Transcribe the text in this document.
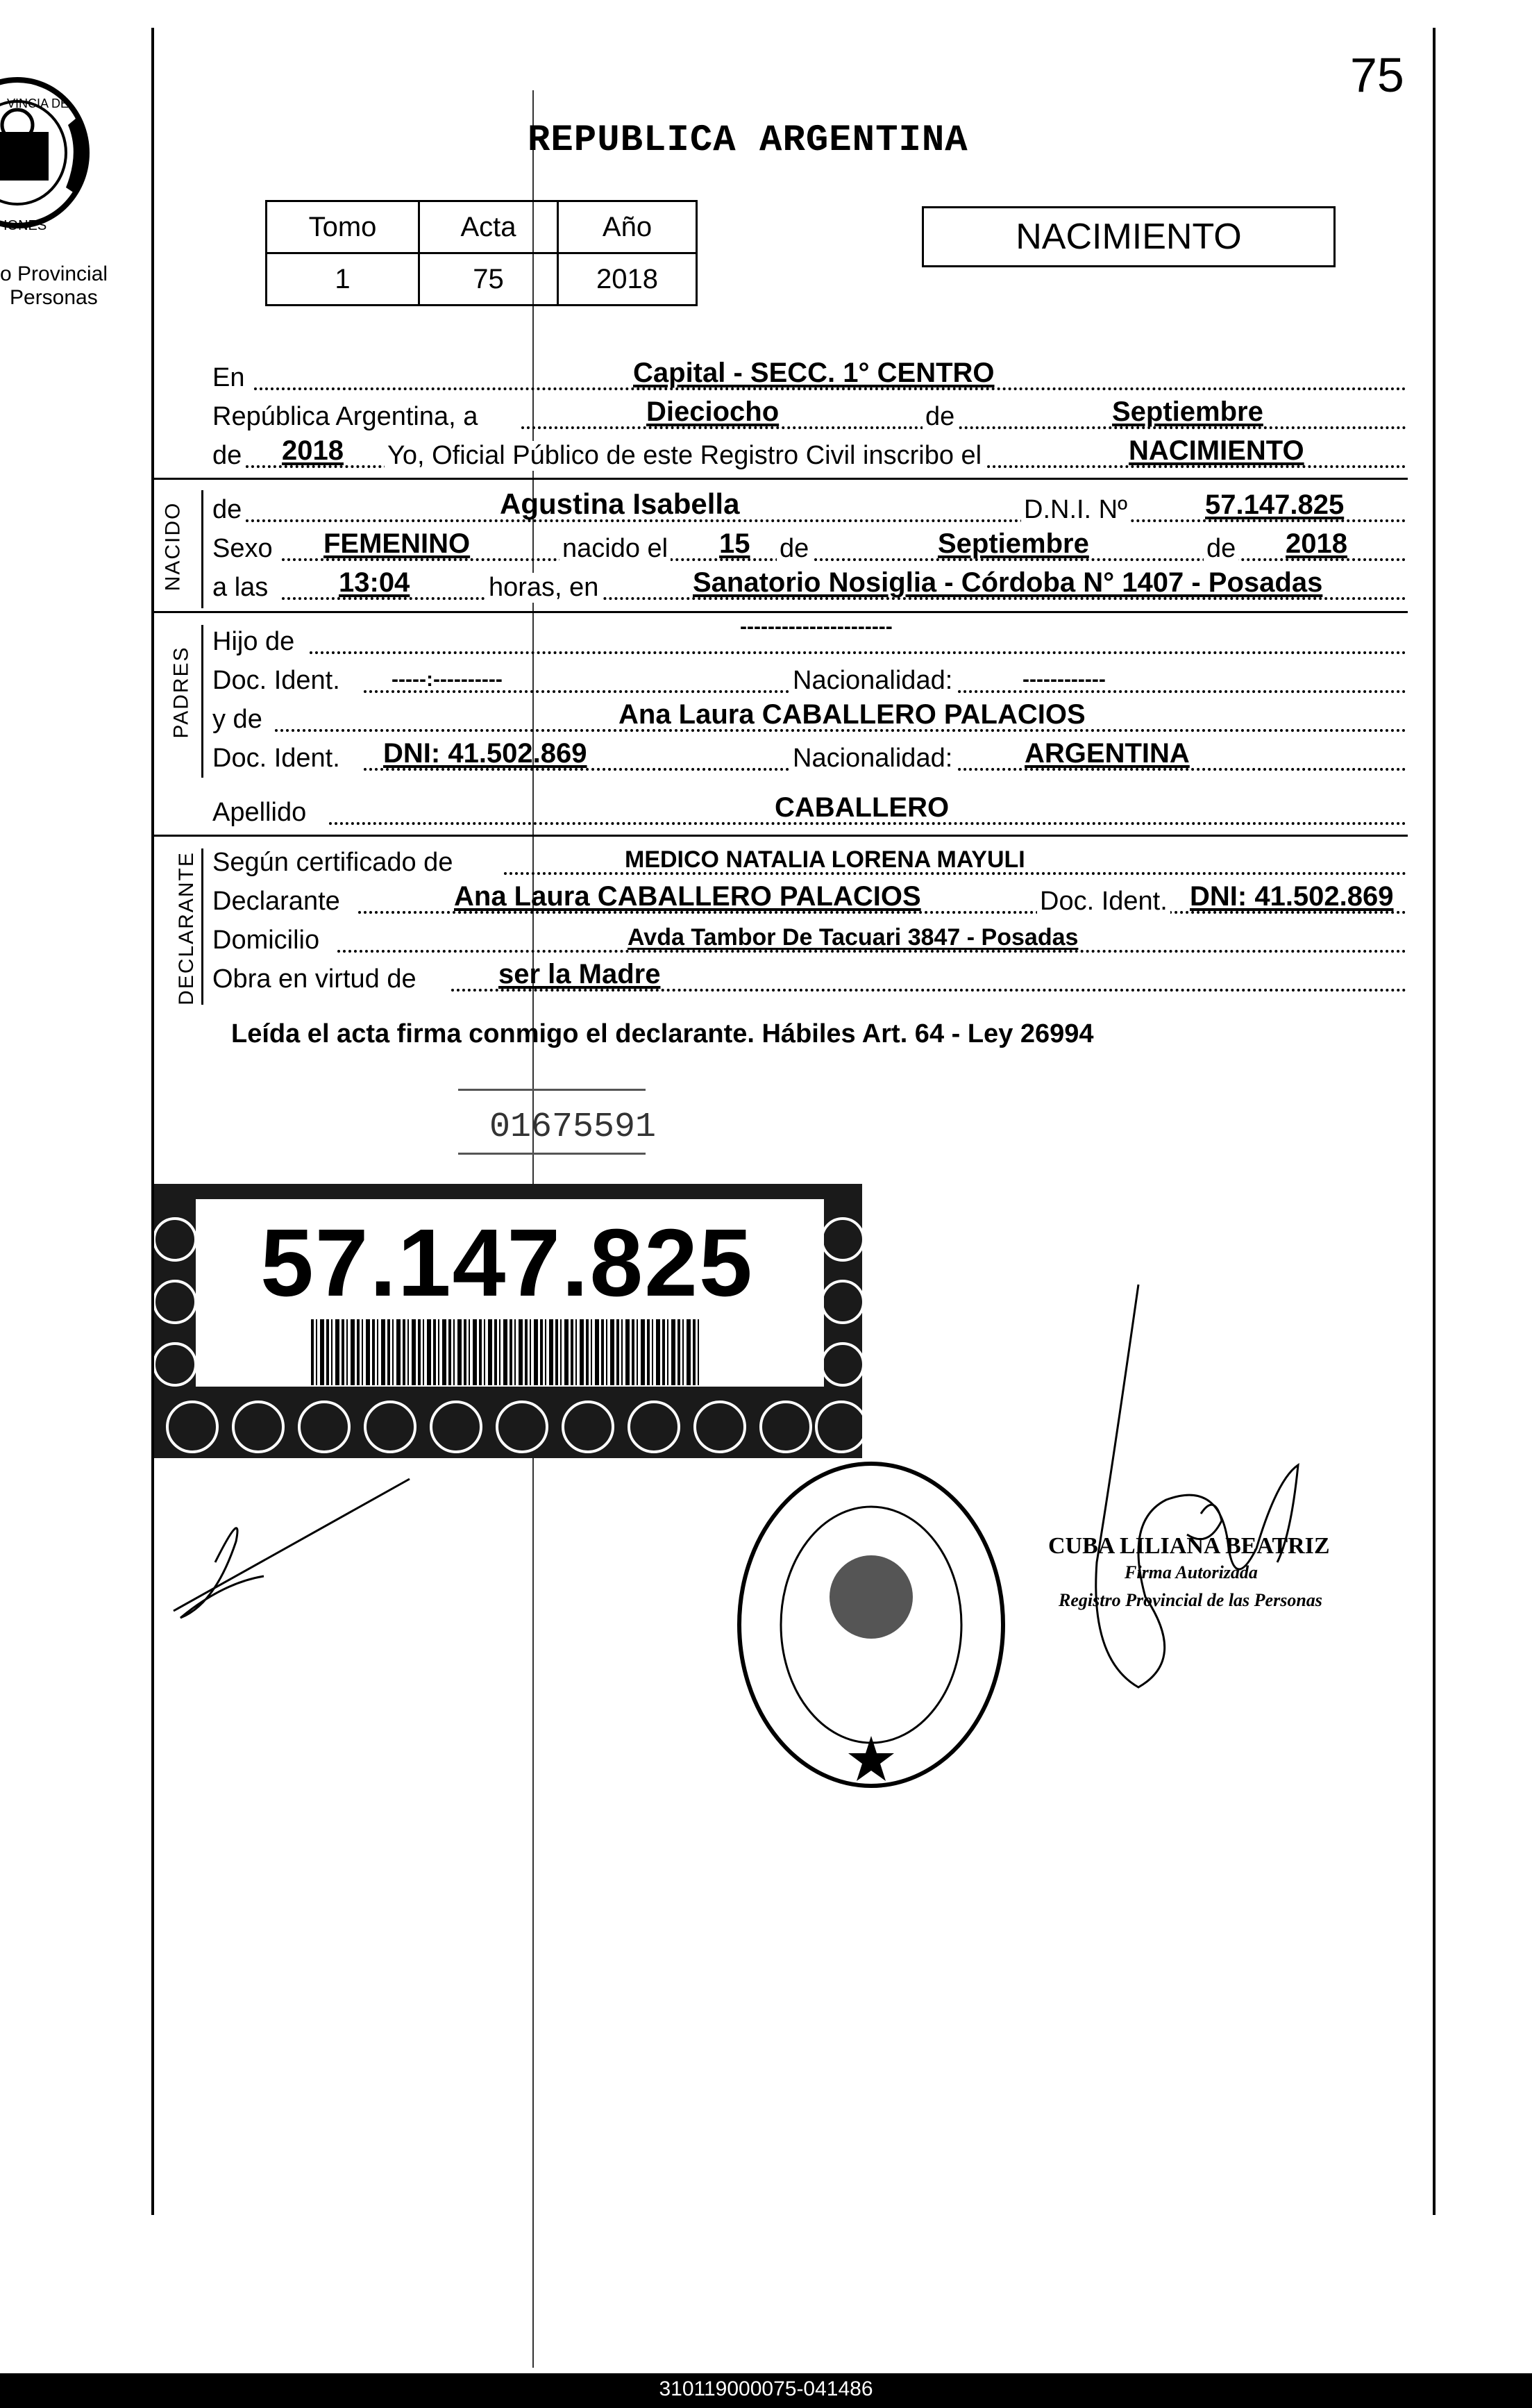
VINCIA DE
IONES
o Provincial
Personas
75
REPUBLICA ARGENTINA
Tomo	Acta	Año
1	75	2018
NACIMIENTO
En	Capital - SECC. 1° CENTRO
República Argentina, a	Dieciocho	de	Septiembre
de 2018 Yo, Oficial Público de este Registro Civil inscribo el	NACIMIENTO
NACIDO de	Agustina Isabella	D.N.I. Nº	57.147.825
Sexo FEMENINO	nacido el 15 de	Septiembre	de 2018
a las	13:04	horas, en	Sanatorio Nosiglia - Córdoba N° 1407 - Posadas
PADRES
Hijo de
----------------------
Doc. Ident. -----:----------	Nacionalidad:	------------
y de	Ana Laura CABALLERO PALACIOS
Doc. Ident. DNI: 41.502.869	Nacionalidad:	ARGENTINA
Apellido	CABALLERO
DECLARANTE Según certificado de	MEDICO NATALIA LORENA MAYULI
Declarante	Ana Laura CABALLERO PALACIOS	Doc. Ident. DNI: 41.502.869
Domicilio	Avda Tambor De Tacuari 3847 - Posadas
Obra en virtud de	ser la Madre
Leída el acta firma conmigo el declarante. Hábiles Art. 64 - Ley 26994
01675591
57.147.825
CUBA LILIANA BEATRIZ
Firma Autorizada
Registro Provincial de las Personas
310119000075-041486
